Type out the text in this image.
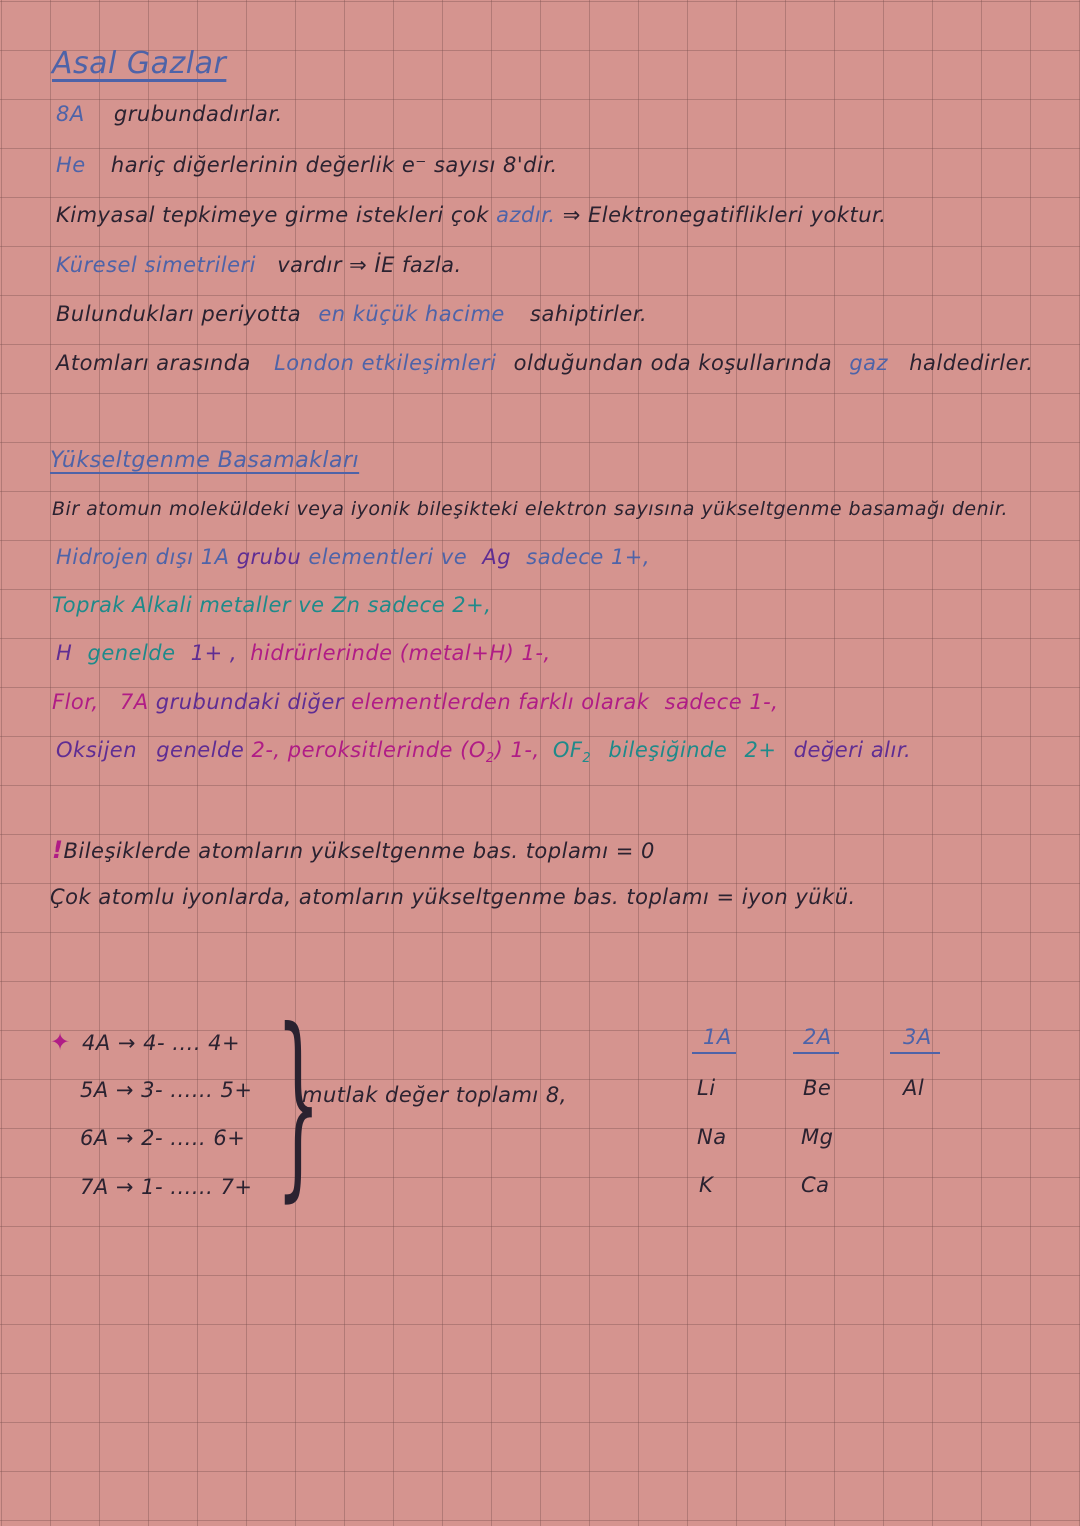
Asal Gazlar
8A grubundadırlar.
He hariç diğerlerinin değerlik e⁻ sayısı 8'dir.
Kimyasal tepkimeye girme istekleri çok azdır. ⇒ Elektronegatiflikleri yoktur.
Küresel simetrileri vardır ⇒ İE fazla.
Bulundukları periyotta en küçük hacime sahiptirler.
Atomları arasında London etkileşimleri olduğundan oda koşullarında gaz haldedirler.
Yükseltgenme Basamakları
Bir atomun moleküldeki veya iyonik bileşikteki elektron sayısına yükseltgenme basamağı denir.
Hidrojen dışı 1A grubu elementleri ve Ag sadece 1+,
Toprak Alkali metaller ve Zn sadece 2+,
H genelde 1+ , hidrürlerinde (metal+H) 1-,
Flor, 7A grubundaki diğer elementlerden farklı olarak sadece 1-,
Oksijen genelde 2-, peroksitlerinde $(O_2)$ 1-, $OF_2$ bileşiğinde 2+ değeri alır.
!Bileşiklerde atomların yükseltgenme bas. toplamı = 0
Çok atomlu iyonlarda, atomların yükseltgenme bas. toplamı = iyon yükü.
✦ 4A → 4- .... 4+
5A → 3- ...... 5+
6A → 2- ..... 6+
7A → 1- ...... 7+ }
mutlak değer toplamı 8,
1A	2A	3A
Li
Na
K
Be
Mg
Ca
Al
